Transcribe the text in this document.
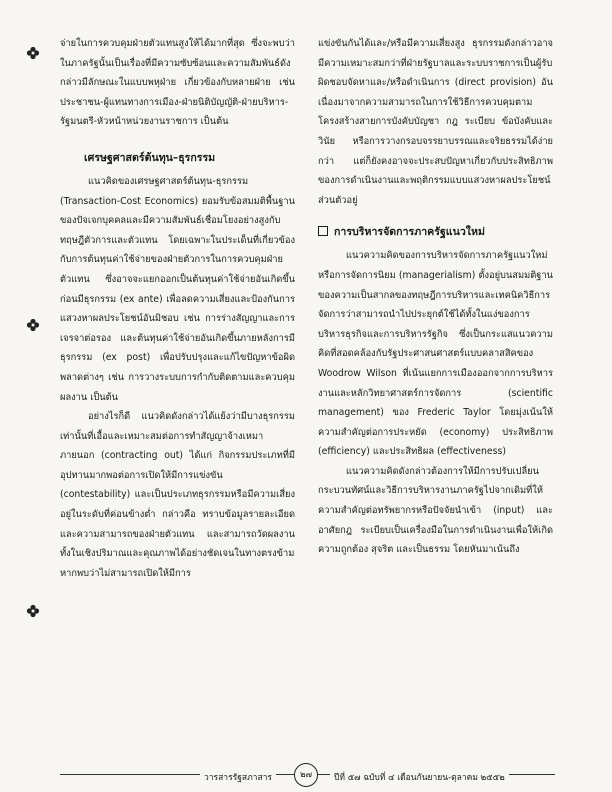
จ่ายในการควบคุมฝ่ายตัวแทนสูงให้ได้มากที่สุด ซึ่งจะพบว่าในภาครัฐนั้นเป็นเรื่องที่มีความซับซ้อนและความสัมพันธ์ดังกล่าวมีลักษณะในแบบพหุฝ่าย เกี่ยวข้องกับหลายฝ่าย เช่น ประชาชน-ผู้แทนทางการเมือง-ฝ่ายนิติบัญญัติ-ฝ่ายบริหาร-รัฐมนตรี-หัวหน้าหน่วยงานราชการ เป็นต้น

เศรษฐศาสตร์ต้นทุน–ธุรกรรม

แนวคิดของเศรษฐศาสตร์ต้นทุน-ธุรกรรม (Transaction-Cost Economics) ยอมรับข้อสมมติพื้นฐานของปัจเจกบุคคลและมีความสัมพันธ์เชื่อมโยงอย่างสูงกับทฤษฎีตัวการและตัวแทน โดยเฉพาะในประเด็นที่เกี่ยวข้องกับการต้นทุนค่าใช้จ่ายของฝ่ายตัวการในการควบคุมฝ่ายตัวแทน ซึ่งอาจจะแยกออกเป็นต้นทุนค่าใช้จ่ายอันเกิดขึ้นก่อนมีธุรกรรม (ex ante) เพื่อลดความเสี่ยงและป้องกันการแสวงหาผลประโยชน์อันมิชอบ เช่น การร่างสัญญาและการเจรจาต่อรอง และต้นทุนค่าใช้จ่ายอันเกิดขึ้นภายหลังการมีธุรกรรม (ex post) เพื่อปรับปรุงและแก้ไขปัญหาข้อผิดพลาดต่างๆ เช่น การวางระบบการกำกับติดตามและควบคุมผลงาน เป็นต้น

อย่างไรก็ดี แนวคิดดังกล่าวได้แย้งว่ามีบางธุรกรรมเท่านั้นที่เอื้อและเหมาะสมต่อการทำสัญญาจ้างเหมาภายนอก (contracting out) ได้แก่ กิจกรรมประเภทที่มีอุปทานมากพอต่อการเปิดให้มีการแข่งขัน (contestability) และเป็นประเภทธุรกรรมหรือมีความเสี่ยงอยู่ในระดับที่ค่อนข้างต่ำ กล่าวคือ ทราบข้อมูลรายละเอียดและความสามารถของฝ่ายตัวแทน และสามารถวัดผลงานทั้งในเชิงปริมาณและคุณภาพได้อย่างชัดเจนในทางตรงข้าม หากพบว่าไม่สามารถเปิดให้มีการ

แข่งขันกันได้และ/หรือมีความเสี่ยงสูง ธุรกรรมดังกล่าวอาจมีความเหมาะสมกว่าที่ฝ่ายรัฐบาลและระบบราชการเป็นผู้รับผิดชอบจัดหาและ/หรือดำเนินการ (direct provision) อันเนื่องมาจากความสามารถในการใช้วิธีการควบคุมตามโครงสร้างสายการบังคับบัญชา กฎ ระเบียบ ข้อบังคับและวินัย หรือการวางกรอบจรรยาบรรณและจริยธรรมได้ง่ายกว่า แต่ก็ยังคงอาจจะประสบปัญหาเกี่ยวกับประสิทธิภาพของการดำเนินงานและพฤติกรรมแบบแสวงหาผลประโยชน์ส่วนตัวอยู่

การบริหารจัดการภาครัฐแนวใหม่

แนวความคิดของการบริหารจัดการภาครัฐแนวใหม่หรือการจัดการนิยม (managerialism) ตั้งอยู่บนสมมติฐานของความเป็นสากลของทฤษฎีการบริหารและเทคนิควิธีการจัดการว่าสามารถนำไปประยุกต์ใช้ได้ทั้งในแง่ของการบริหารธุรกิจและการบริหารรัฐกิจ ซึ่งเป็นกระแสแนวความคิดที่สอดคล้องกับรัฐประศาสนศาสตร์แบบคลาสสิคของ Woodrow Wilson ที่เน้นแยกการเมืองออกจากการบริหารงานและหลักวิทยาศาสตร์การจัดการ (scientific management) ของ Frederic Taylor โดยมุ่งเน้นให้ความสำคัญต่อการประหยัด (economy) ประสิทธิภาพ (efficiency) และประสิทธิผล (effectiveness)

แนวความคิดดังกล่าวต้องการให้มีการปรับเปลี่ยนกระบวนทัศน์และวิธีการบริหารงานภาครัฐไปจากเดิมที่ให้ความสำคัญต่อทรัพยากรหรือปัจจัยนำเข้า (input) และอาศัยกฎ ระเบียบเป็นเครื่องมือในการดำเนินงานเพื่อให้เกิดความถูกต้อง สุจริต และเป็นธรรม โดยหันมาเน้นถึง

วารสารรัฐสภาสาร	๒๗	ปีที่ ๕๗ ฉบับที่ ๔ เดือนกันยายน-ตุลาคม ๒๕๕๒
